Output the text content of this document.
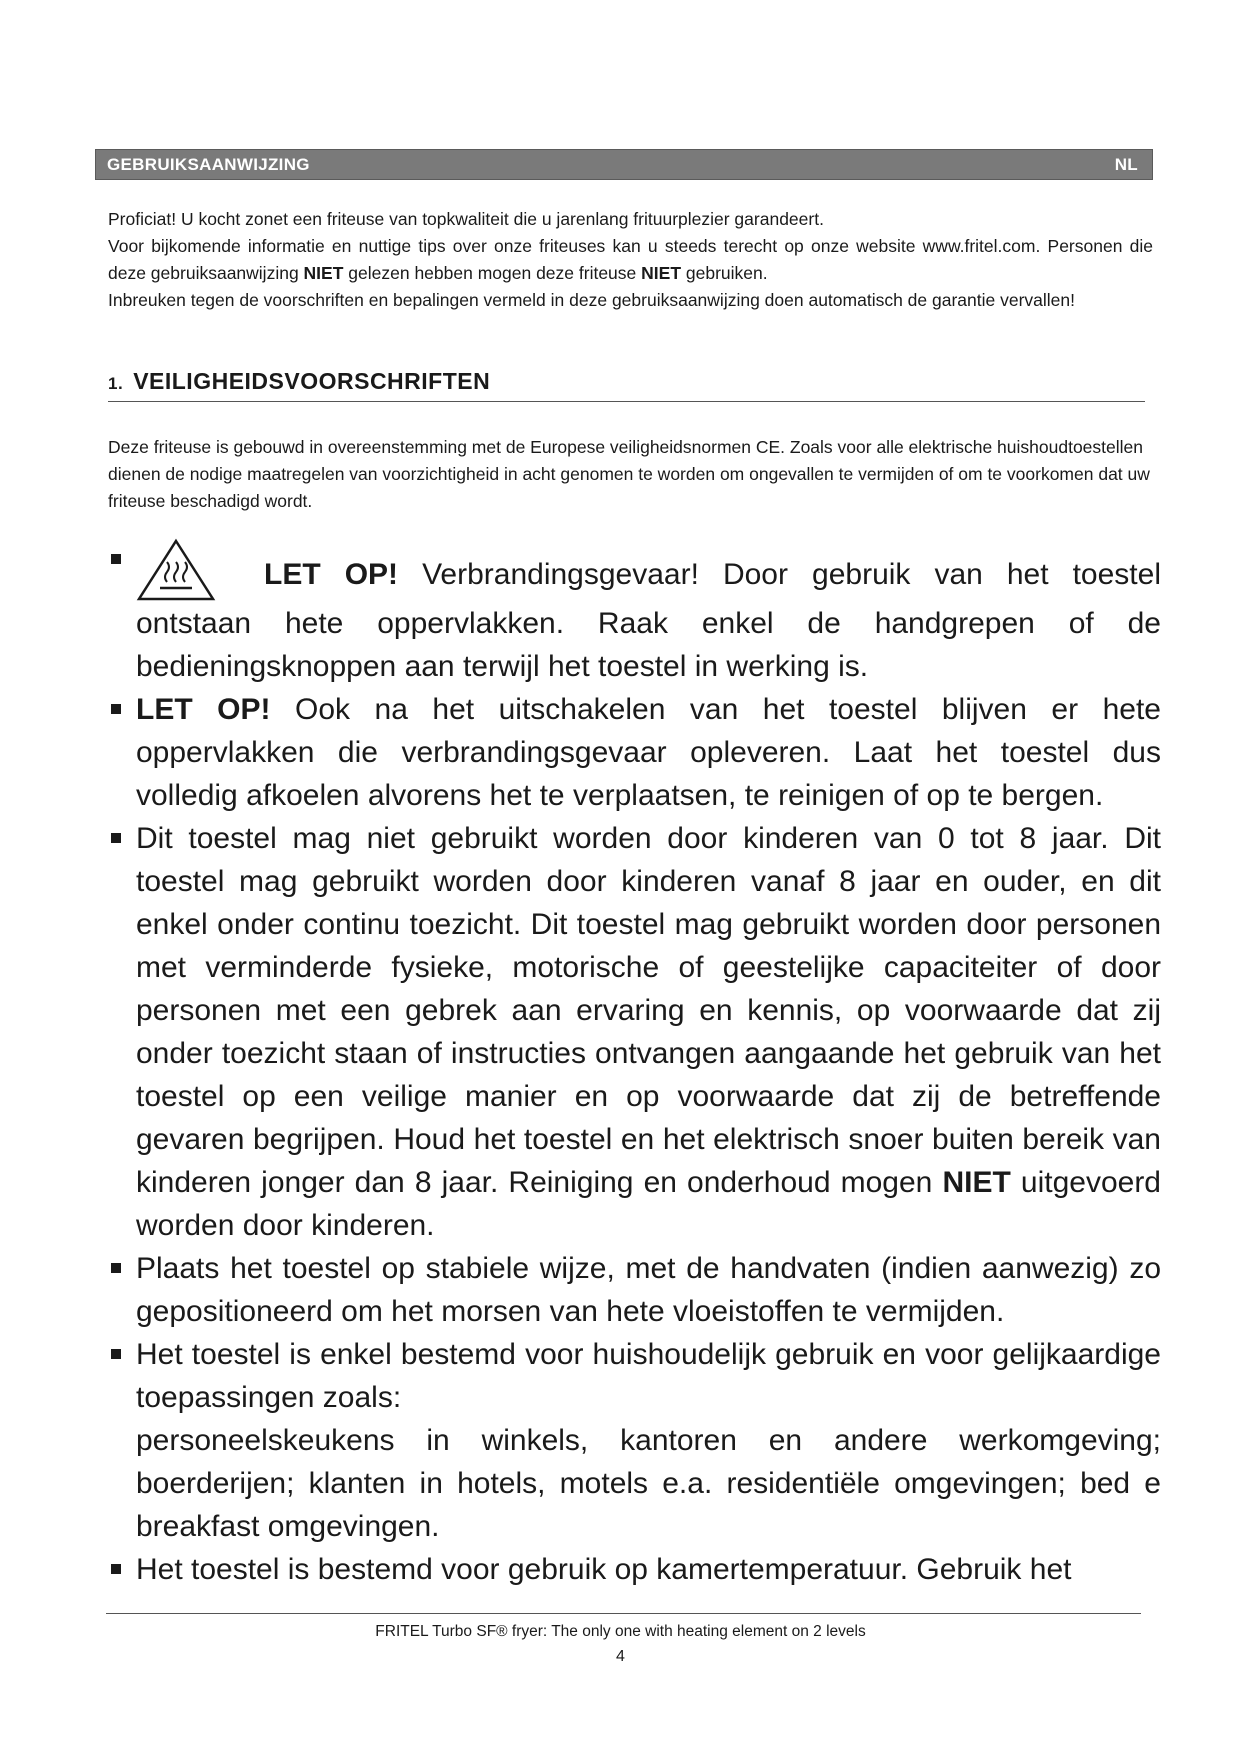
GEBRUIKSAANWIJZING	NL

Proficiat! U kocht zonet een friteuse van topkwaliteit die u jarenlang frituurplezier garandeert.

Voor bijkomende informatie en nuttige tips over onze friteuses kan u steeds terecht op onze website www.fritel.com. Personen die deze gebruiksaanwijzing NIET gelezen hebben mogen deze friteuse NIET gebruiken.

Inbreuken tegen de voorschriften en bepalingen vermeld in deze gebruiksaanwijzing doen automatisch de garantie vervallen!

1. VEILIGHEIDSVOORSCHRIFTEN

Deze friteuse is gebouwd in overeenstemming met de Europese veiligheidsnormen CE. Zoals voor alle elektrische huishoudtoestellen dienen de nodige maatregelen van voorzichtigheid in acht genomen te worden om ongevallen te vermijden of om te voorkomen dat uw friteuse beschadigd wordt.

LET OP! Verbrandingsgevaar! Door gebruik van het toestel ontstaan hete oppervlakken. Raak enkel de handgrepen of de bedieningsknoppen aan terwijl het toestel in werking is.
LET OP! Ook na het uitschakelen van het toestel blijven er hete oppervlakken die verbrandingsgevaar opleveren. Laat het toestel dus volledig afkoelen alvorens het te verplaatsen, te reinigen of op te bergen.
Dit toestel mag niet gebruikt worden door kinderen van 0 tot 8 jaar. Dit toestel mag gebruikt worden door kinderen vanaf 8 jaar en ouder, en dit enkel onder continu toezicht. Dit toestel mag gebruikt worden door personen met verminderde fysieke, motorische of geestelijke capaciteiter of door personen met een gebrek aan ervaring en kennis, op voorwaarde dat zij onder toezicht staan of instructies ontvangen aangaande het gebruik van het toestel op een veilige manier en op voorwaarde dat zij de betreffende gevaren begrijpen. Houd het toestel en het elektrisch snoer buiten bereik van kinderen jonger dan 8 jaar. Reiniging en onderhoud mogen NIET uitgevoerd worden door kinderen.
Plaats het toestel op stabiele wijze, met de handvaten (indien aanwezig) zo gepositioneerd om het morsen van hete vloeistoffen te vermijden.
Het toestel is enkel bestemd voor huishoudelijk gebruik en voor gelijkaardige toepassingen zoals:
personeelskeukens in winkels, kantoren en andere werkomgeving; boerderijen; klanten in hotels, motels e.a. residentiële omgevingen; bed e breakfast omgevingen.
Het toestel is bestemd voor gebruik op kamertemperatuur. Gebruik het
FRITEL Turbo SF® fryer: The only one with heating element on 2 levels
4
